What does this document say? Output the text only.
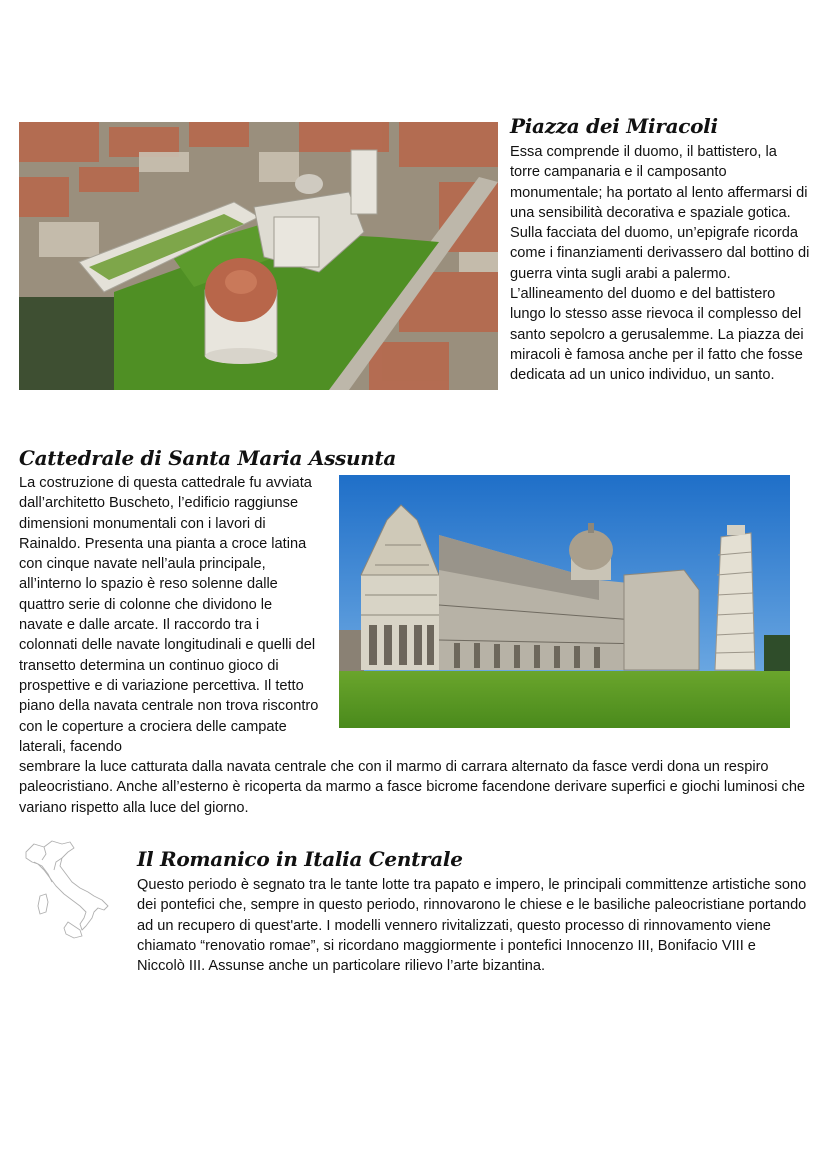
Piazza dei Miracoli

Essa comprende il duomo, il battistero, la torre campanaria e il camposanto monumentale; ha portato al lento affermarsi di una sensibilità decorativa e spaziale gotica. Sulla facciata del duomo, un’epigrafe ricorda come i finanziamenti derivassero dal bottino di guerra vinta sugli arabi a palermo. L’allineamento del duomo e del battistero lungo lo stesso asse rievoca il complesso del santo sepolcro a gerusalemme. La piazza dei miracoli è famosa anche per il fatto che fosse dedicata ad un unico individuo, un santo.

Cattedrale di Santa Maria Assunta

La costruzione di questa cattedrale fu avviata dall’architetto Buscheto, l’edificio raggiunse dimensioni monumentali con i lavori di Rainaldo. Presenta una pianta a croce latina con cinque navate nell’aula principale, all’interno lo spazio è reso solenne dalle quattro serie di colonne che dividono le navate e dalle arcate. Il raccordo tra i colonnati delle navate longitudinali e quelli del transetto determina un continuo gioco di prospettive e di variazione percettiva. Il tetto piano della navata centrale non trova riscontro con le coperture a crociera delle campate laterali, facendo

sembrare la luce catturata dalla navata centrale che con il marmo di carrara alternato da fasce verdi dona un respiro paleocristiano. Anche all’esterno è ricoperta da marmo a fasce bicrome facendone derivare superfici e giochi luminosi che variano rispetto alla luce del giorno.

Il Romanico in Italia Centrale

Questo periodo è segnato tra le tante lotte tra papato e impero, le principali committenze artistiche sono dei pontefici che, sempre in questo periodo, rinnovarono le chiese e le basiliche paleocristiane portando ad un recupero di quest'arte. I modelli vennero rivitalizzati, questo processo di rinnovamento viene chiamato “renovatio romae”, si ricordano maggiormente i pontefici Innocenzo III, Bonifacio VIII e Niccolò III. Assunse anche un particolare rilievo l’arte bizantina.
